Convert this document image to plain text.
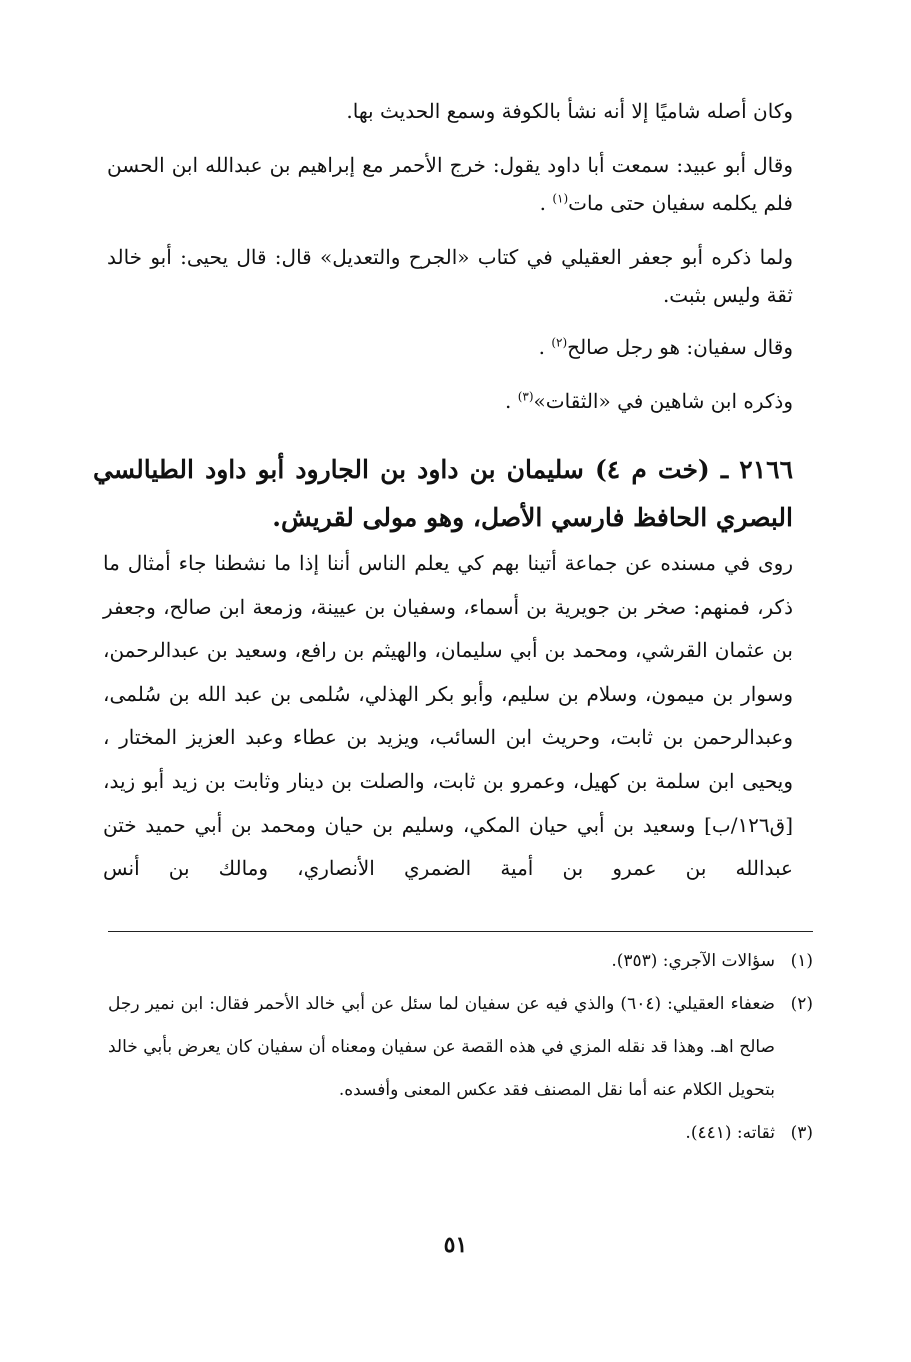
وكان أصله شاميًا إلا أنه نشأ بالكوفة وسمع الحديث بها.
وقال أبو عبيد: سمعت أبا داود يقول: خرج الأحمر مع إبراهيم بن عبدالله ابن الحسن فلم يكلمه سفيان حتى مات$^{(١)}$ .
ولما ذكره أبو جعفر العقيلي في كتاب «الجرح والتعديل» قال: قال يحيى: أبو خالد ثقة وليس بثبت.
وقال سفيان: هو رجل صالح$^{(٢)}$ .
وذكره ابن شاهين في «الثقات»$^{(٣)}$ .
٢١٦٦ ـ (خت م ٤) سليمان بن داود بن الجارود أبو داود الطيالسي البصري الحافظ فارسي الأصل، وهو مولى لقريش.
روى في مسنده عن جماعة أتينا بهم كي يعلم الناس أننا إذا ما نشطنا جاء أمثال ما ذكر، فمنهم: صخر بن جويرية بن أسماء، وسفيان بن عيينة، وزمعة ابن صالح، وجعفر بن عثمان القرشي، ومحمد بن أبي سليمان، والهيثم بن رافع، وسعيد بن عبدالرحمن، وسوار بن ميمون، وسلام بن سليم، وأبو بكر الهذلي، سُلمى بن عبد الله بن سُلمى، وعبدالرحمن بن ثابت، وحريث ابن السائب، ويزيد بن عطاء وعبد العزيز المختار ، ويحيى ابن سلمة بن كهيل، وعمرو بن ثابت، والصلت بن دينار وثابت بن زيد أبو زيد، [ق١٢٦/ب] وسعيد بن أبي حيان المكي، وسليم بن حيان ومحمد بن أبي حميد ختن عبدالله بن عمرو بن أمية الضمري الأنصاري، ومالك بن أنس
(١)
سؤالات الآجري: (٣٥٣).
(٢)
ضعفاء العقيلي: (٦٠٤) والذي فيه عن سفيان لما سئل عن أبي خالد الأحمر فقال: ابن نمير رجل صالح اهـ. وهذا قد نقله المزي في هذه القصة عن سفيان ومعناه أن سفيان كان يعرض بأبي خالد بتحويل الكلام عنه أما نقل المصنف فقد عكس المعنى وأفسده.
(٣)
ثقاته: (٤٤١).
٥١
